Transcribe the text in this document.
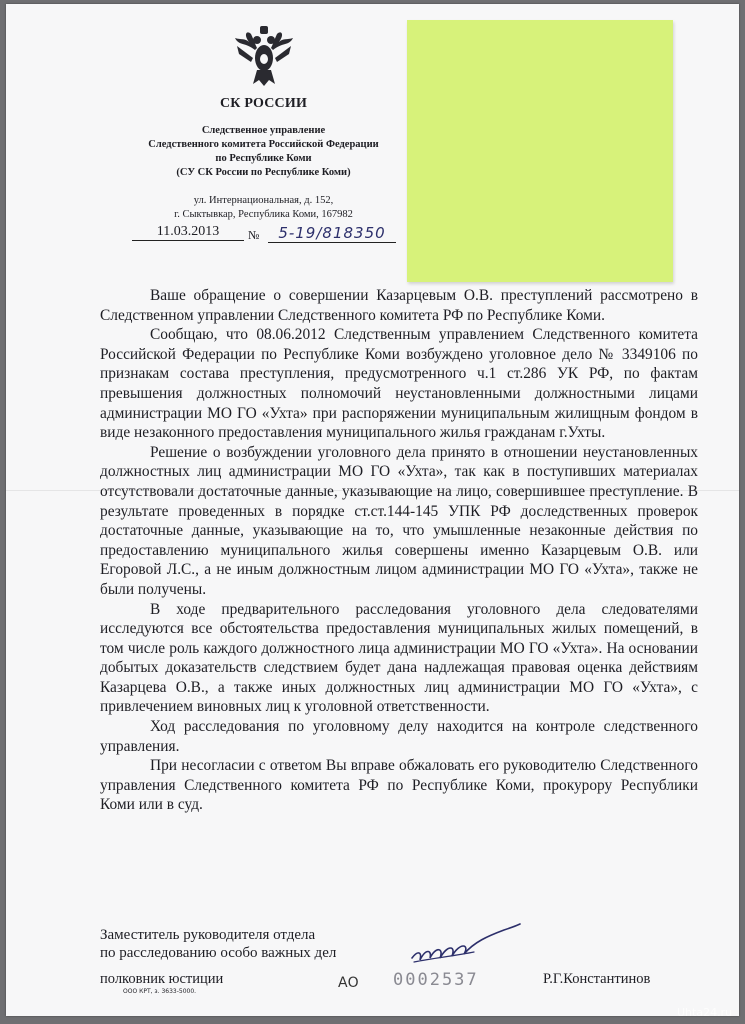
СК РОССИИ
Следственное управление
Следственного комитета Российской Федерации
по Республике Коми
(СУ СК России по Республике Коми)
ул. Интернациональная, д. 152,
г. Сыктывкар, Республика Коми, 167982
11.03.2013	№	5-19/818350

Ваше обращение о совершении Казарцевым О.В. преступлений рассмотрено в Следственном управлении Следственного комитета РФ по Республике Коми.

Сообщаю, что 08.06.2012 Следственным управлением Следственного комитета Российской Федерации по Республике Коми возбуждено уголовное дело № 3349106 по признакам состава преступления, предусмотренного ч.1 ст.286 УК РФ, по фактам превышения должностных полномочий неустановленными должностными лицами администрации МО ГО «Ухта» при распоряжении муниципальным жилищным фондом в виде незаконного предоставления муниципального жилья гражданам г.Ухты.

Решение о возбуждении уголовного дела принято в отношении неустановленных должностных лиц администрации МО ГО «Ухта», так как в поступивших материалах отсутствовали достаточные данные, указывающие на лицо, совершившее преступление. В результате проведенных в порядке ст.ст.144-145 УПК РФ доследственных проверок достаточные данные, указывающие на то, что умышленные незаконные действия по предоставлению муниципального жилья совершены именно Казарцевым О.В. или Егоровой Л.С., а не иным должностным лицом администрации МО ГО «Ухта», также не были получены.

В ходе предварительного расследования уголовного дела следователями исследуются все обстоятельства предоставления муниципальных жилых помещений, в том числе роль каждого должностного лица администрации МО ГО «Ухта». На основании добытых доказательств следствием будет дана надлежащая правовая оценка действиям Казарцева О.В., а также иных должностных лиц администрации МО ГО «Ухта», с привлечением виновных лиц к уголовной ответственности.

Ход расследования по уголовному делу находится на контроле следственного управления.

При несогласии с ответом Вы вправе обжаловать его руководителю Следственного управления Следственного комитета РФ по Республике Коми, прокурору Республики Коми или в суд.

Заместитель руководителя отдела
по расследованию особо важных дел
полковник юстиции
ООО КРТ, з. 3633-5000.
АО 0002537	Р.Г.Константинов
Uhta24.ru
